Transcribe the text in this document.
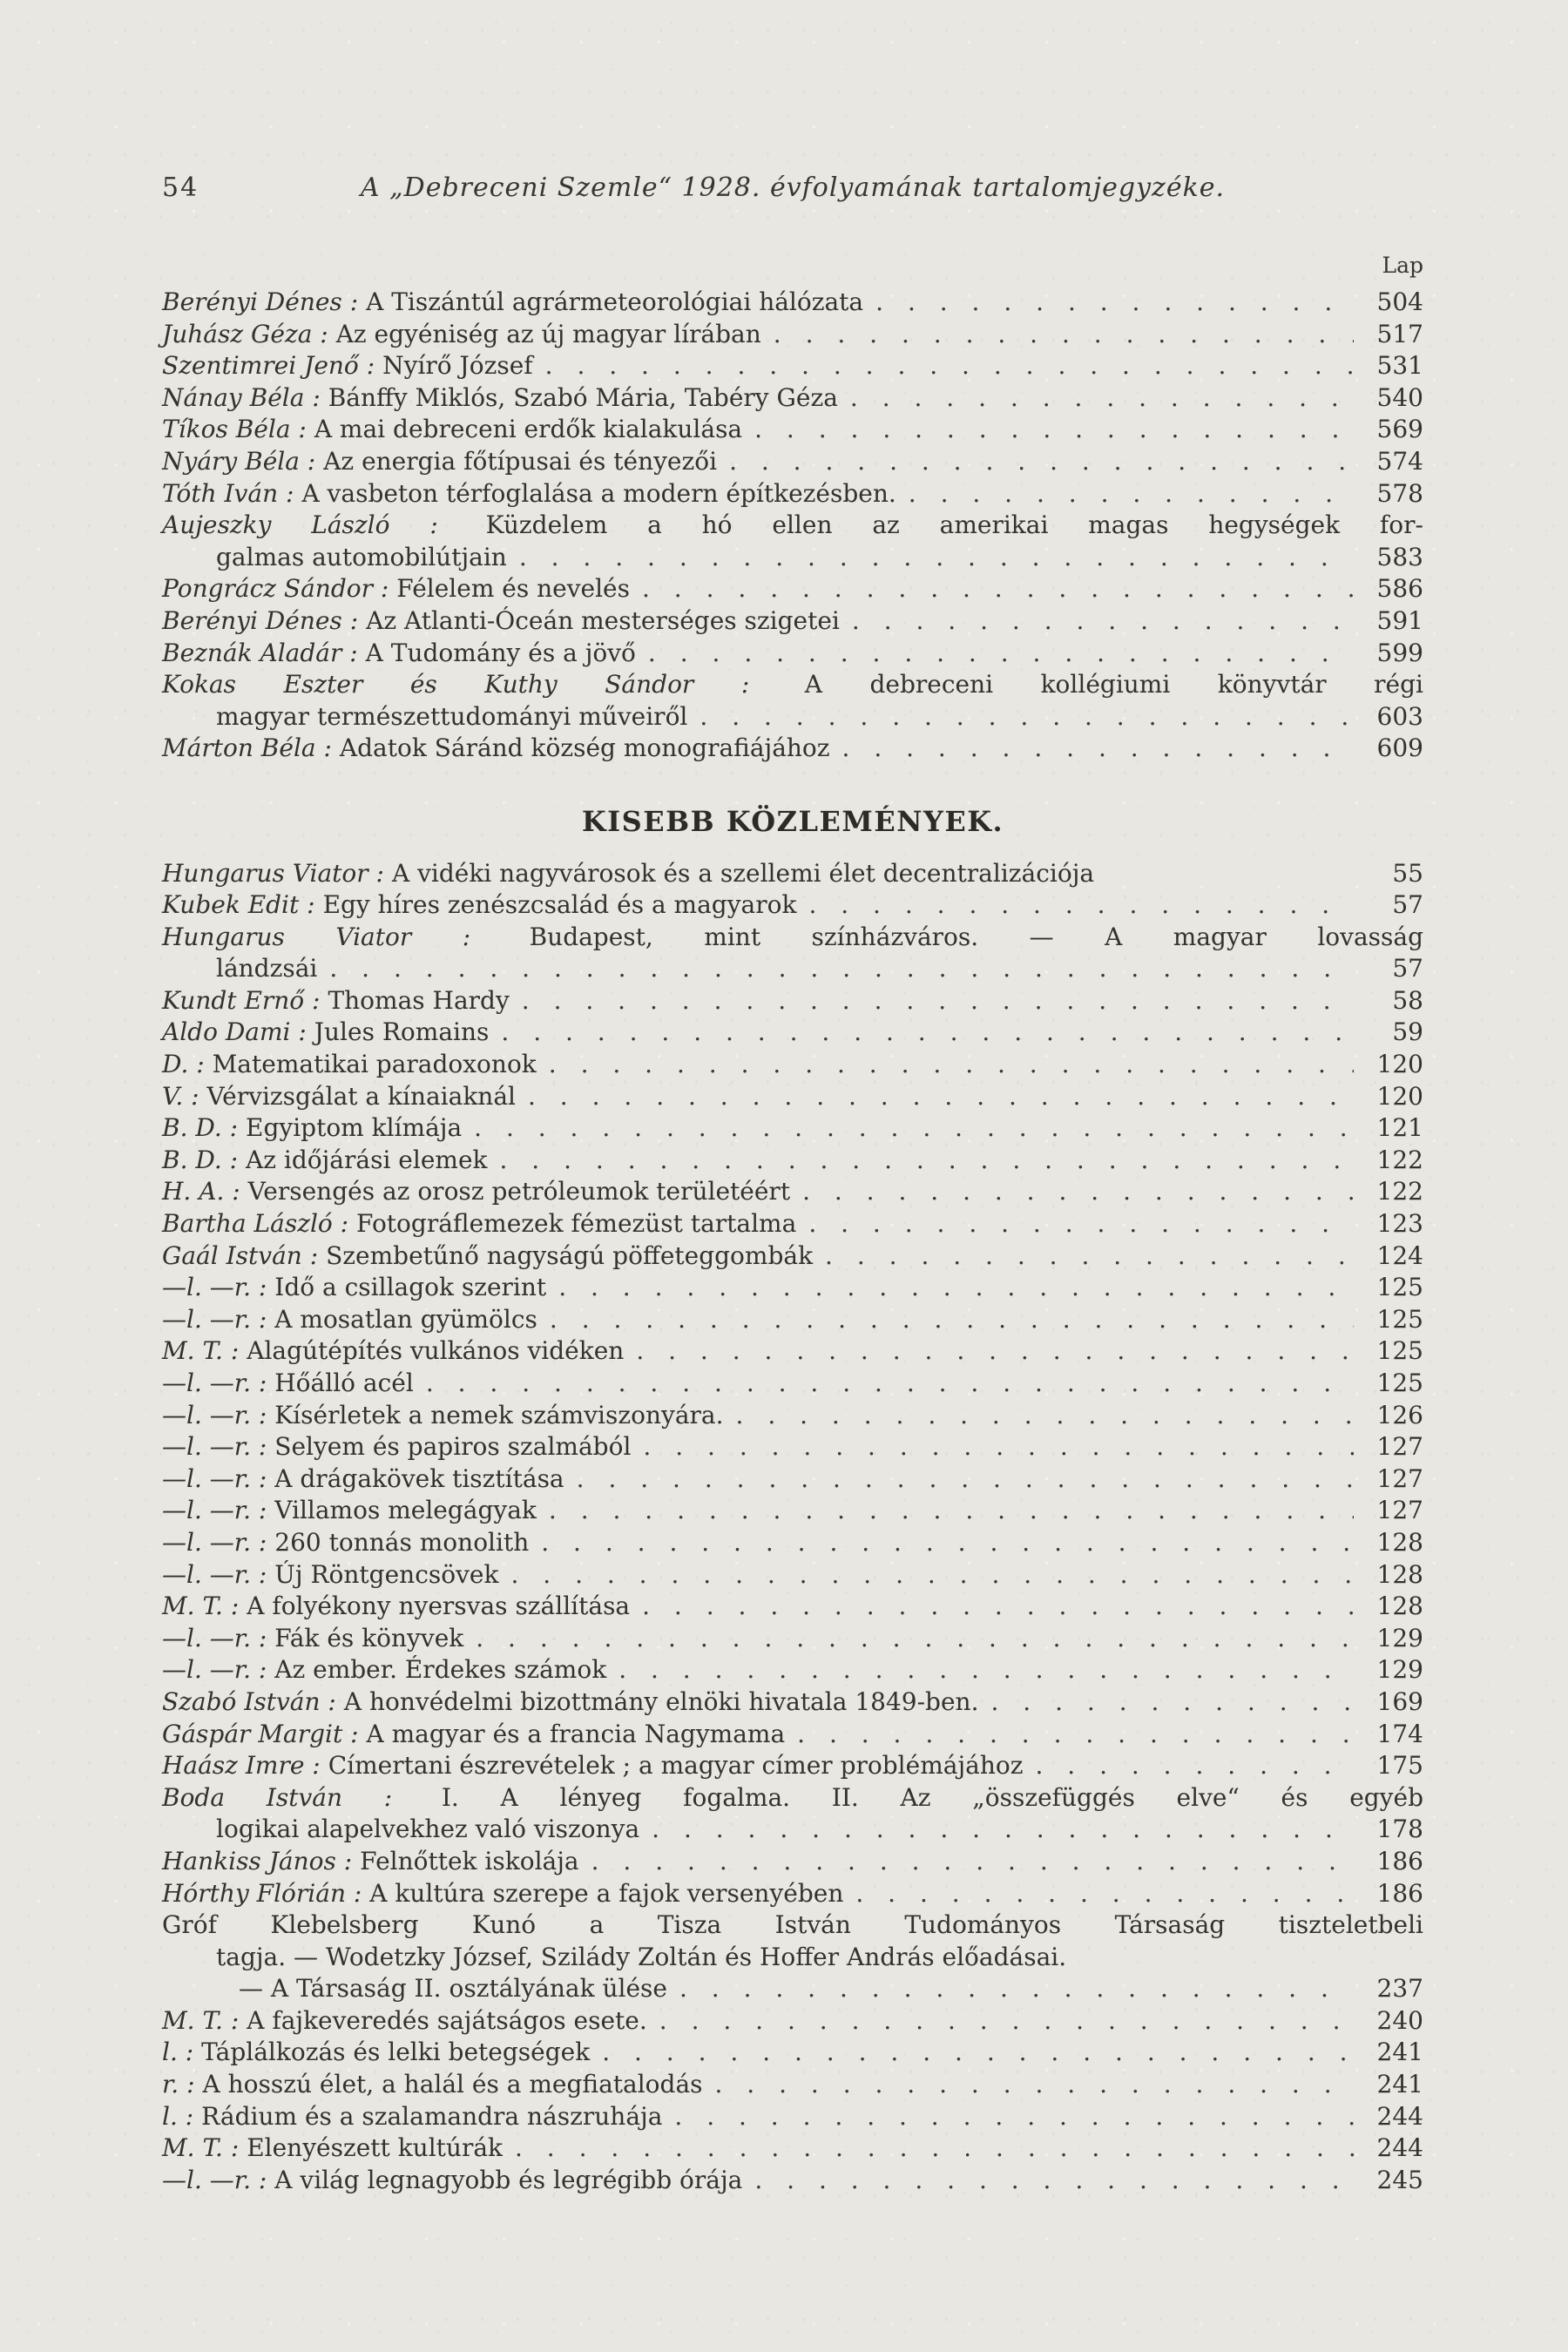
54	A „Debreceni Szemle“ 1928. évfolyamának tartalomjegyzéke.
Lap
Berényi Dénes : A Tiszántúl agrármeteorológiai hálózata . . .	504
Juhász Géza : Az egyéniség az új magyar lírában . . .	517
Szentimrei Jenő : Nyírő József . . .	531
Nánay Béla : Bánffy Miklós, Szabó Mária, Tabéry Géza . . .	540
Tíkos Béla : A mai debreceni erdők kialakulása . . .	569
Nyáry Béla : Az energia főtípusai és tényezői . . .	574
Tóth Iván : A vasbeton térfoglalása a modern építkezésben. . . .	578
Aujeszky László : Küzdelem a hó ellen az amerikai magas hegységek for-
galmas automobilútjain . . .	583
Pongrácz Sándor : Félelem és nevelés . . .	586
Berényi Dénes : Az Atlanti-Óceán mesterséges szigetei . . .	591
Beznák Aladár : A Tudomány és a jövő . . .	599
Kokas Eszter és Kuthy Sándor : A debreceni kollégiumi könyvtár régi
magyar természettudományi műveiről . . .	603
Márton Béla : Adatok Sáránd község monografiájához . . .	609
KISEBB KÖZLEMÉNYEK.
Hungarus Viator : A vidéki nagyvárosok és a szellemi élet decentralizációja	55
Kubek Edit : Egy híres zenészcsalád és a magyarok . . .	57
Hungarus Viator : Budapest, mint színházváros. — A magyar lovasság
lándzsái . . .	57
Kundt Ernő : Thomas Hardy . . .	58
Aldo Dami : Jules Romains . . .	59
D. : Matematikai paradoxonok . . .	120
V. : Vérvizsgálat a kínaiaknál . . .	120
B. D. : Egyiptom klímája . . .	121
B. D. : Az időjárási elemek . . .	122
H. A. : Versengés az orosz petróleumok területéért . . .	122
Bartha László : Fotográflemezek fémezüst tartalma . . .	123
Gaál István : Szembetűnő nagyságú pöffeteggombák . . .	124
—l. —r. : Idő a csillagok szerint . . .	125
—l. —r. : A mosatlan gyümölcs . . .	125
M. T. : Alagútépítés vulkános vidéken . . .	125
—l. —r. : Hőálló acél . . .	125
—l. —r. : Kísérletek a nemek számviszonyára. . . .	126
—l. —r. : Selyem és papiros szalmából . . .	127
—l. —r. : A drágakövek tisztítása . . .	127
—l. —r. : Villamos melegágyak . . .	127
—l. —r. : 260 tonnás monolith . . .	128
—l. —r. : Új Röntgencsövek . . .	128
M. T. : A folyékony nyersvas szállítása . . .	128
—l. —r. : Fák és könyvek . . .	129
—l. —r. : Az ember. Érdekes számok . . .	129
Szabó István : A honvédelmi bizottmány elnöki hivatala 1849-ben. . . .	169
Gáspár Margit : A magyar és a francia Nagymama . . .	174
Haász Imre : Címertani észrevételek ; a magyar címer problémájához . . .	175
Boda István : I. A lényeg fogalma. II. Az „összefüggés elve“ és egyéb
logikai alapelvekhez való viszonya . . .	178
Hankiss János : Felnőttek iskolája . . .	186
Hórthy Flórián : A kultúra szerepe a fajok versenyében . . .	186
Gróf Klebelsberg Kunó a Tisza István Tudományos Társaság tiszteletbeli
tagja. — Wodetzky József, Szilády Zoltán és Hoffer András előadásai.
— A Társaság II. osztályának ülése . . .	237
M. T. : A fajkeveredés sajátságos esete. . . .	240
l. : Táplálkozás és lelki betegségek . . .	241
r. : A hosszú élet, a halál és a megfiatalodás . . .	241
l. : Rádium és a szalamandra nászruhája . . .	244
M. T. : Elenyészett kultúrák . . .	244
—l. —r. : A világ legnagyobb és legrégibb órája . . .	245
